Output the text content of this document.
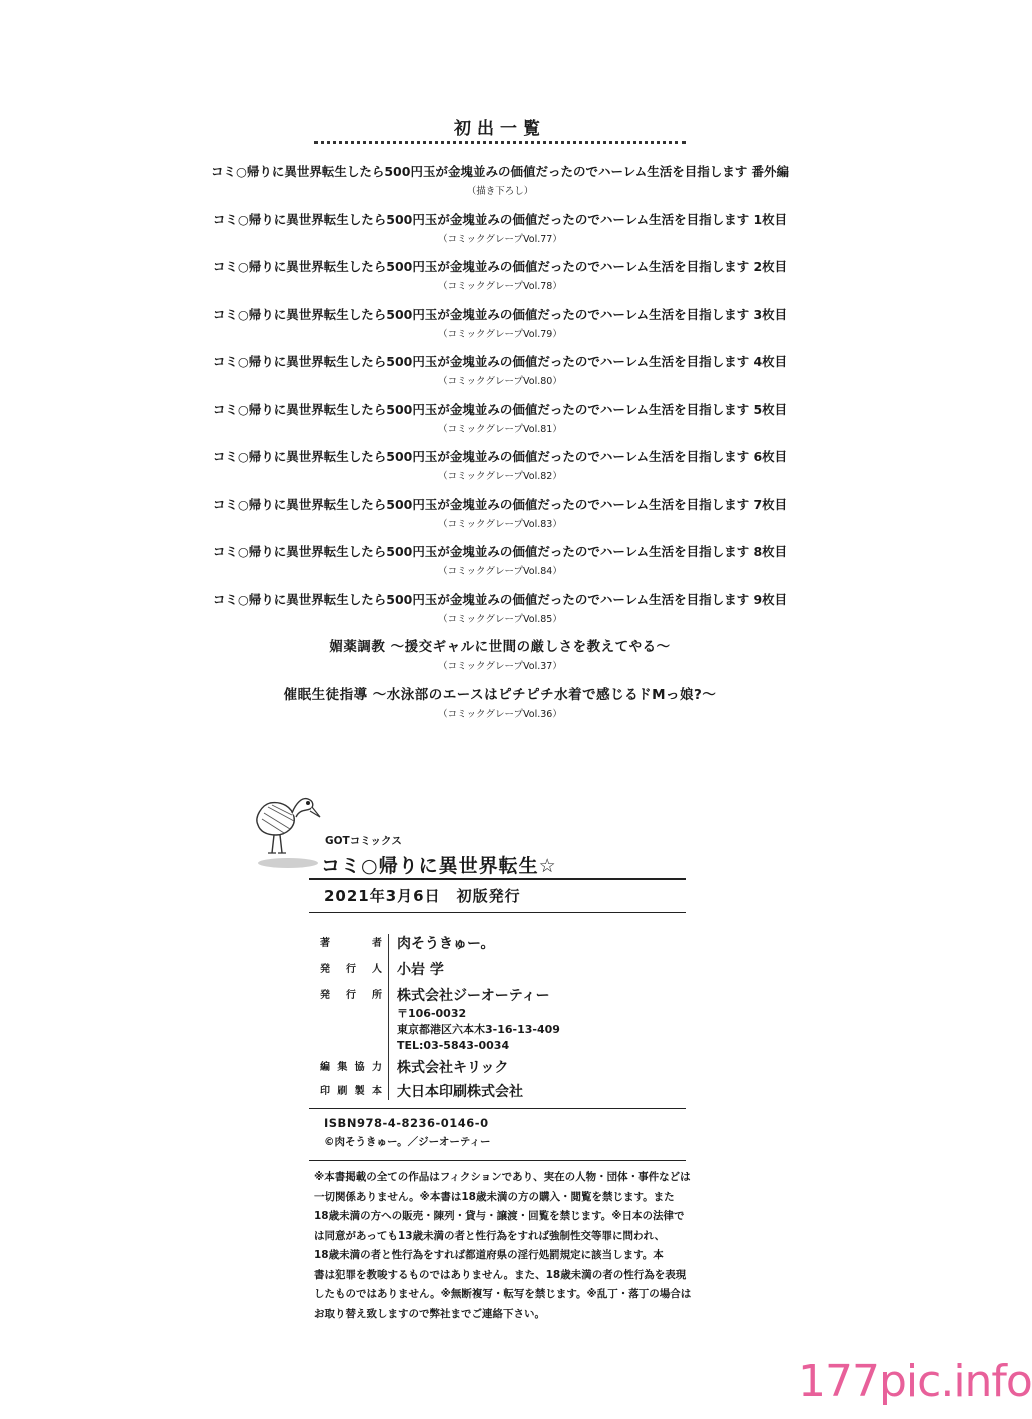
初出一覧
コミ○帰りに異世界転生したら500円玉が金塊並みの価値だったのでハーレム生活を目指します 番外編
（描き下ろし）
コミ○帰りに異世界転生したら500円玉が金塊並みの価値だったのでハーレム生活を目指します 1枚目
（コミックグレープVol.77）
コミ○帰りに異世界転生したら500円玉が金塊並みの価値だったのでハーレム生活を目指します 2枚目
（コミックグレープVol.78）
コミ○帰りに異世界転生したら500円玉が金塊並みの価値だったのでハーレム生活を目指します 3枚目
（コミックグレープVol.79）
コミ○帰りに異世界転生したら500円玉が金塊並みの価値だったのでハーレム生活を目指します 4枚目
（コミックグレープVol.80）
コミ○帰りに異世界転生したら500円玉が金塊並みの価値だったのでハーレム生活を目指します 5枚目
（コミックグレープVol.81）
コミ○帰りに異世界転生したら500円玉が金塊並みの価値だったのでハーレム生活を目指します 6枚目
（コミックグレープVol.82）
コミ○帰りに異世界転生したら500円玉が金塊並みの価値だったのでハーレム生活を目指します 7枚目
（コミックグレープVol.83）
コミ○帰りに異世界転生したら500円玉が金塊並みの価値だったのでハーレム生活を目指します 8枚目
（コミックグレープVol.84）
コミ○帰りに異世界転生したら500円玉が金塊並みの価値だったのでハーレム生活を目指します 9枚目
（コミックグレープVol.85）
媚薬調教 ～援交ギャルに世間の厳しさを教えてやる～
（コミックグレープVol.37）
催眠生徒指導 ～水泳部のエースはピチピチ水着で感じるドMっ娘?～
（コミックグレープVol.36）
GOTコミックス
コミ○帰りに異世界転生☆
2021年3月6日　初版発行
著　者 肉そうきゅー。
発行人 小岩 学
発行所 株式会社ジーオーティー
〒106-0032
東京都港区六本木3-16-13-409
TEL:03-5843-0034
編集協力 株式会社キリック
印刷製本 大日本印刷株式会社
ISBN978-4-8236-0146-0
©肉そうきゅー。／ジーオーティー
※本書掲載の全ての作品はフィクションであり、実在の人物・団体・事件などは
一切関係ありません。※本書は18歳未満の方の購入・閲覧を禁じます。また
18歳未満の方への販売・陳列・貸与・譲渡・回覧を禁じます。※日本の法律で
は同意があっても13歳未満の者と性行為をすれば強制性交等罪に問われ、
18歳未満の者と性行為をすれば都道府県の淫行処罰規定に該当します。本
書は犯罪を教唆するものではありません。また、18歳未満の者の性行為を表現
したものではありません。※無断複写・転写を禁じます。※乱丁・落丁の場合は
お取り替え致しますので弊社までご連絡下さい。
177pic.info
